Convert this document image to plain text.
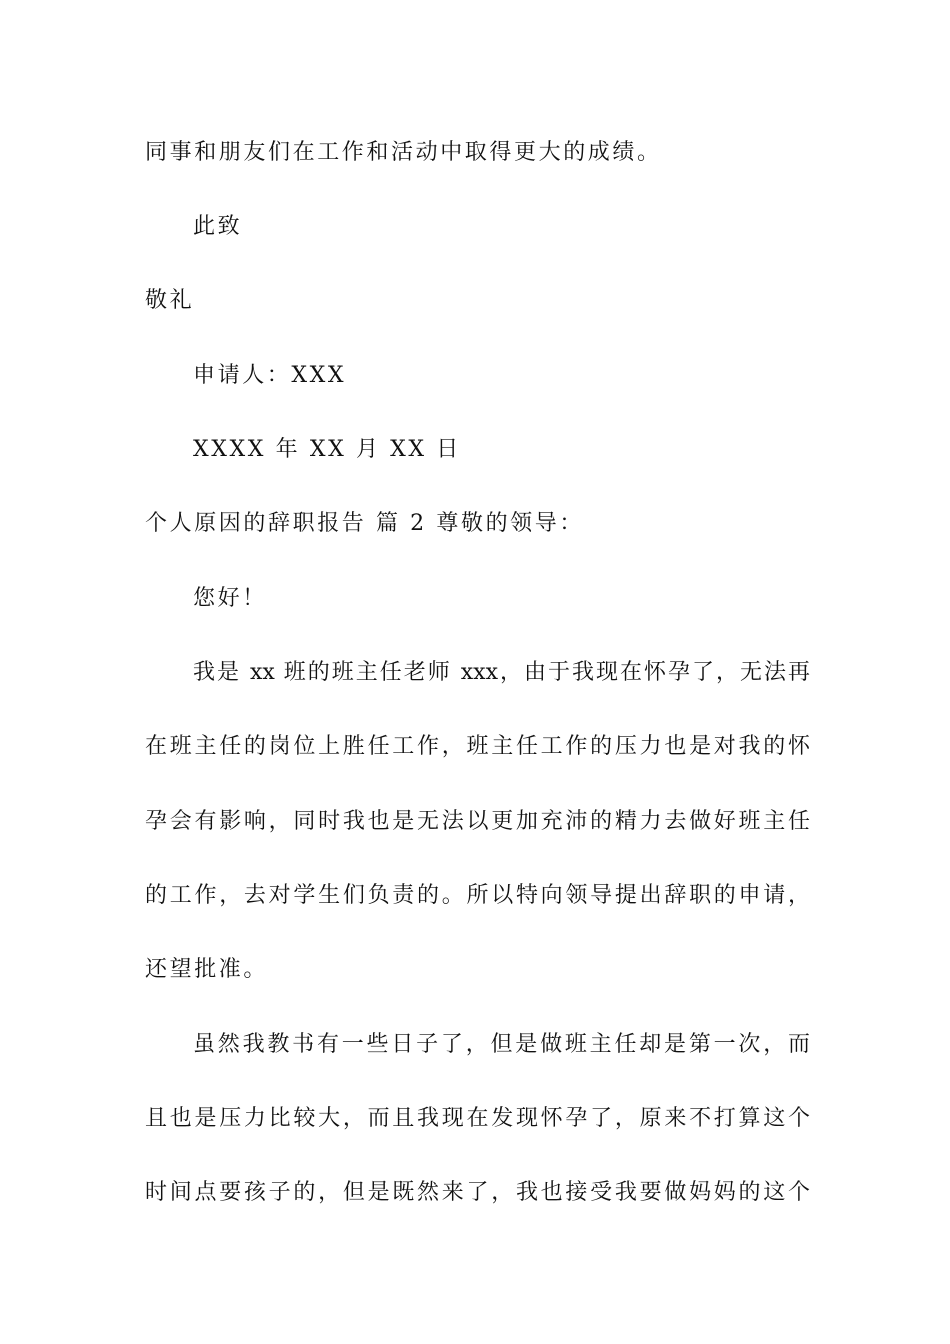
同事和朋友们在工作和活动中取得更大的成绩。
此致
敬礼
申请人：XXX
XXXX 年 XX 月 XX 日
个人原因的辞职报告 篇 2 尊敬的领导：
您好！
我是 xx 班的班主任老师 xxx，由于我现在怀孕了，无法再
在班主任的岗位上胜任工作，班主任工作的压力也是对我的怀
孕会有影响，同时我也是无法以更加充沛的精力去做好班主任
的工作，去对学生们负责的。所以特向领导提出辞职的申请，
还望批准。
虽然我教书有一些日子了，但是做班主任却是第一次，而
且也是压力比较大，而且我现在发现怀孕了，原来不打算这个
时间点要孩子的，但是既然来了，我也接受我要做妈妈的这个
